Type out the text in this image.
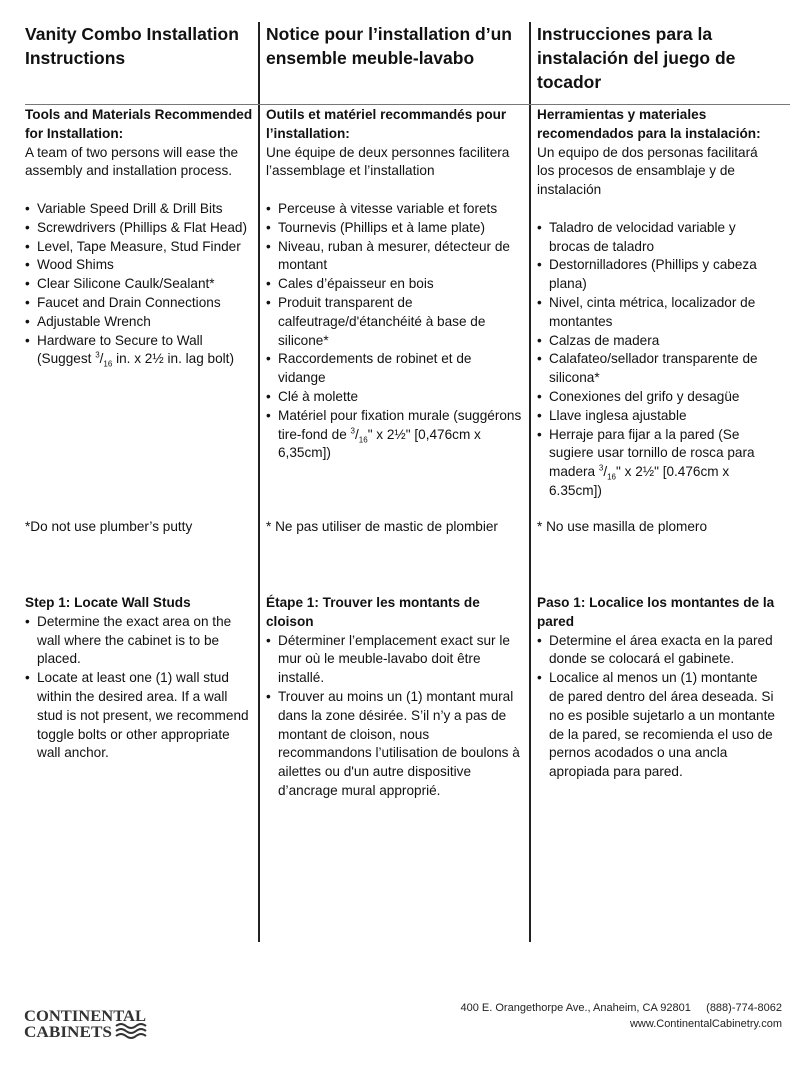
Vanity Combo Installation Instructions

Tools and Materials Recommended for Installation:
A team of two persons will ease the assembly and installation process.
• Variable Speed Drill & Drill Bits
• Screwdrivers (Phillips & Flat Head)
• Level, Tape Measure, Stud Finder
• Wood Shims
• Clear Silicone Caulk/Sealant*
• Faucet and Drain Connections
• Adjustable Wrench
• Hardware to Secure to Wall (Suggest $^3/_{16}$ in. x 2½ in. lag bolt)
*Do not use plumber’s putty
Step 1: Locate Wall Studs
• Determine the exact area on the wall where the cabinet is to be placed.
• Locate at least one (1) wall stud within the desired area. If a wall stud is not present, we recommend toggle bolts or other appropriate wall anchor.

Notice pour l’installation d’un ensemble meuble-lavabo

Outils et matériel recommandés pour l’installation:
Une équipe de deux personnes facilitera l’assemblage et l’installation
• Perceuse à vitesse variable et forets
• Tournevis (Phillips et à lame plate)
• Niveau, ruban à mesurer, détecteur de montant
• Cales d’épaisseur en bois
• Produit transparent de calfeutrage/d'étanchéité à base de silicone*
• Raccordements de robinet et de vidange
• Clé à molette
• Matériel pour fixation murale (suggérons tire-fond de $^3/_{16}$" x 2½" [0,476cm x 6,35cm])
* Ne pas utiliser de mastic de plombier
Étape 1: Trouver les montants de cloison
• Déterminer l’emplacement exact sur le mur où le meuble-lavabo doit être installé.
• Trouver au moins un (1) montant mural dans la zone désirée. S’il n’y a pas de montant de cloison, nous recommandons l’utilisation de boulons à ailettes ou d'un autre dispositive d’ancrage mural approprié.

Instrucciones para la instalación del juego de tocador

Herramientas y materiales recomendados para la instalación:
Un equipo de dos personas facilitará los procesos de ensamblaje y de instalación
• Taladro de velocidad variable y brocas de taladro
• Destornilladores (Phillips y cabeza plana)
• Nivel, cinta métrica, localizador de montantes
• Calzas de madera
• Calafateo/sellador transparente de silicona*
• Conexiones del grifo y desagüe
• Llave inglesa ajustable
• Herraje para fijar a la pared (Se sugiere usar tornillo de rosca para madera $^3/_{16}$" x 2½" [0.476cm x 6.35cm])
* No use masilla de plomero
Paso 1: Localice los montantes de la pared
• Determine el área exacta en la pared donde se colocará el gabinete.
• Localice al menos un (1) montante de pared dentro del área deseada. Si no es posible sujetarlo a un montante de la pared, se recomienda el uso de pernos acodados o una ancla apropiada para pared.
CONTINENTAL
CABINETS
400 E. Orangethorpe Ave., Anaheim, CA 92801 (888)-774-8062
www.ContinentalCabinetry.com
